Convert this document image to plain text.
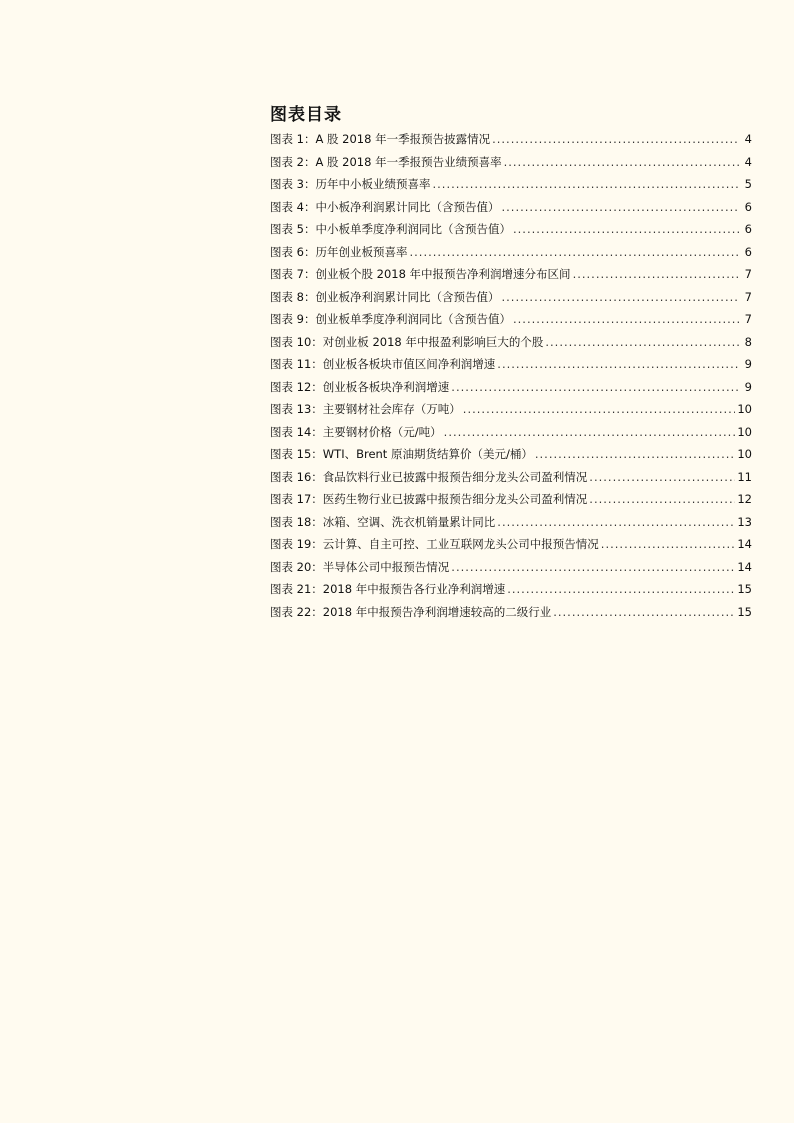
图表目录
图表 1： A 股 2018 年一季报预告披露情况 .....	4
图表 2： A 股 2018 年一季报预告业绩预喜率 .....	4
图表 3： 历年中小板业绩预喜率 .....	5
图表 4： 中小板净利润累计同比（含预告值） .....	6
图表 5： 中小板单季度净利润同比（含预告值） .....	6
图表 6： 历年创业板预喜率 .....	6
图表 7： 创业板个股 2018 年中报预告净利润增速分布区间 .....	7
图表 8： 创业板净利润累计同比（含预告值） .....	7
图表 9： 创业板单季度净利润同比（含预告值） .....	7
图表 10： 对创业板 2018 年中报盈利影响巨大的个股 .....	8
图表 11： 创业板各板块市值区间净利润增速 .....	9
图表 12： 创业板各板块净利润增速 .....	9
图表 13： 主要钢材社会库存（万吨） .....	10
图表 14： 主要钢材价格（元/吨） .....	10
图表 15： WTI、Brent 原油期货结算价（美元/桶） .....	10
图表 16： 食品饮料行业已披露中报预告细分龙头公司盈利情况 .....	11
图表 17： 医药生物行业已披露中报预告细分龙头公司盈利情况 .....	12
图表 18： 冰箱、空调、洗衣机销量累计同比 .....	13
图表 19： 云计算、自主可控、工业互联网龙头公司中报预告情况 .....	14
图表 20： 半导体公司中报预告情况 .....	14
图表 21： 2018 年中报预告各行业净利润增速 .....	15
图表 22： 2018 年中报预告净利润增速较高的二级行业 .....	15
